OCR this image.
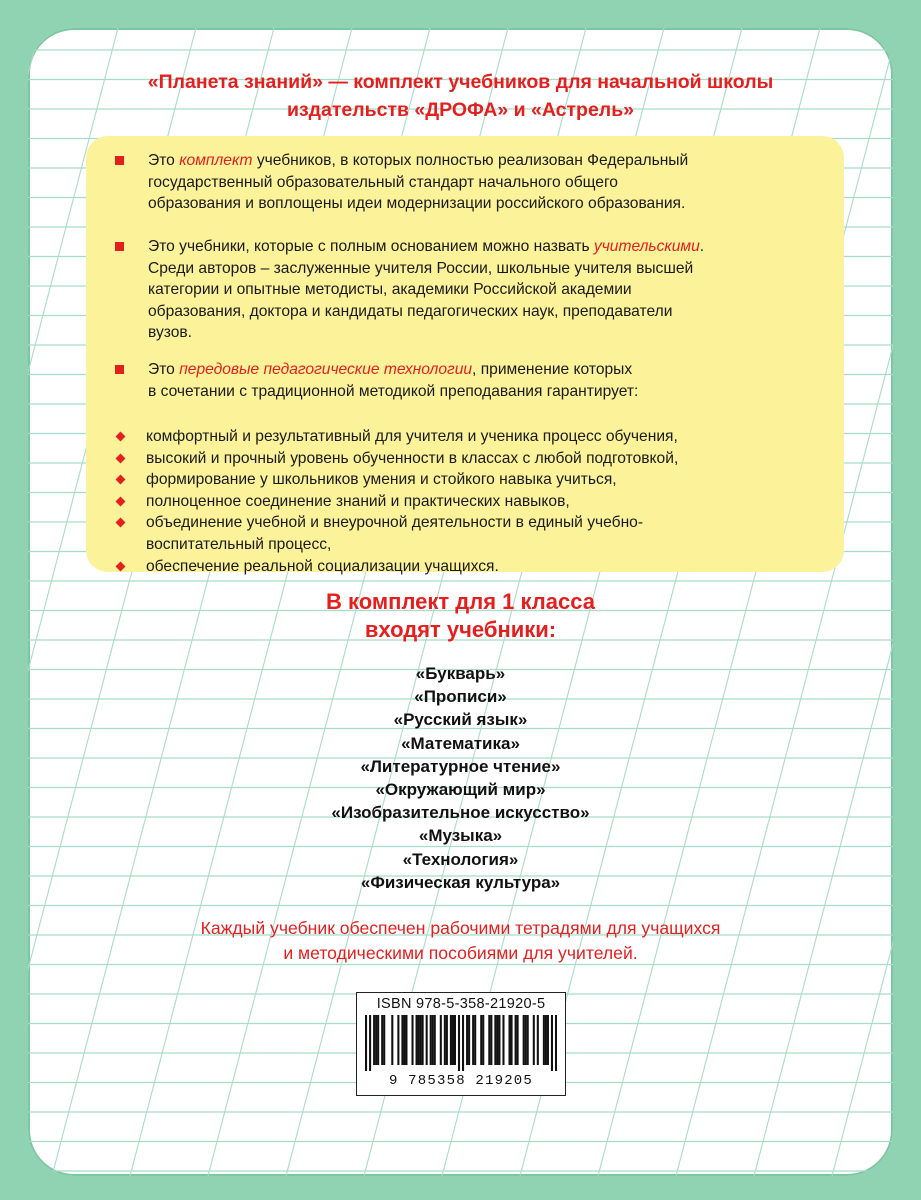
«Планета знаний» — комплект учебников для начальной школы
издательств «ДРОФА» и «Астрель»
Это комплект учебников, в которых полностью реализован Федеральный
государственный образовательный стандарт начального общего
образования и воплощены идеи модернизации российского образования.
Это учебники, которые с полным основанием можно назвать учительскими.
Среди авторов – заслуженные учителя России, школьные учителя высшей
категории и опытные методисты, академики Российской академии
образования, доктора и кандидаты педагогических наук, преподаватели
вузов.
Это передовые педагогические технологии, применение которых
в сочетании с традиционной методикой преподавания гарантирует:
комфортный и результативный для учителя и ученика процесс обучения,
высокий и прочный уровень обученности в классах с любой подготовкой,
формирование у школьников умения и стойкого навыка учиться,
полноценное соединение знаний и практических навыков,
объединение учебной и внеурочной деятельности в единый учебно-
воспитательный процесс,
обеспечение реальной социализации учащихся.
В комплект для 1 класса
входят учебники:
«Букварь»
«Прописи»
«Русский язык»
«Математика»
«Литературное чтение»
«Окружающий мир»
«Изобразительное искусство»
«Музыка»
«Технология»
«Физическая культура»
Каждый учебник обеспечен рабочими тетрадями для учащихся
и методическими пособиями для учителей.
ISBN 978-5-358-21920-5
9 785358 219205
